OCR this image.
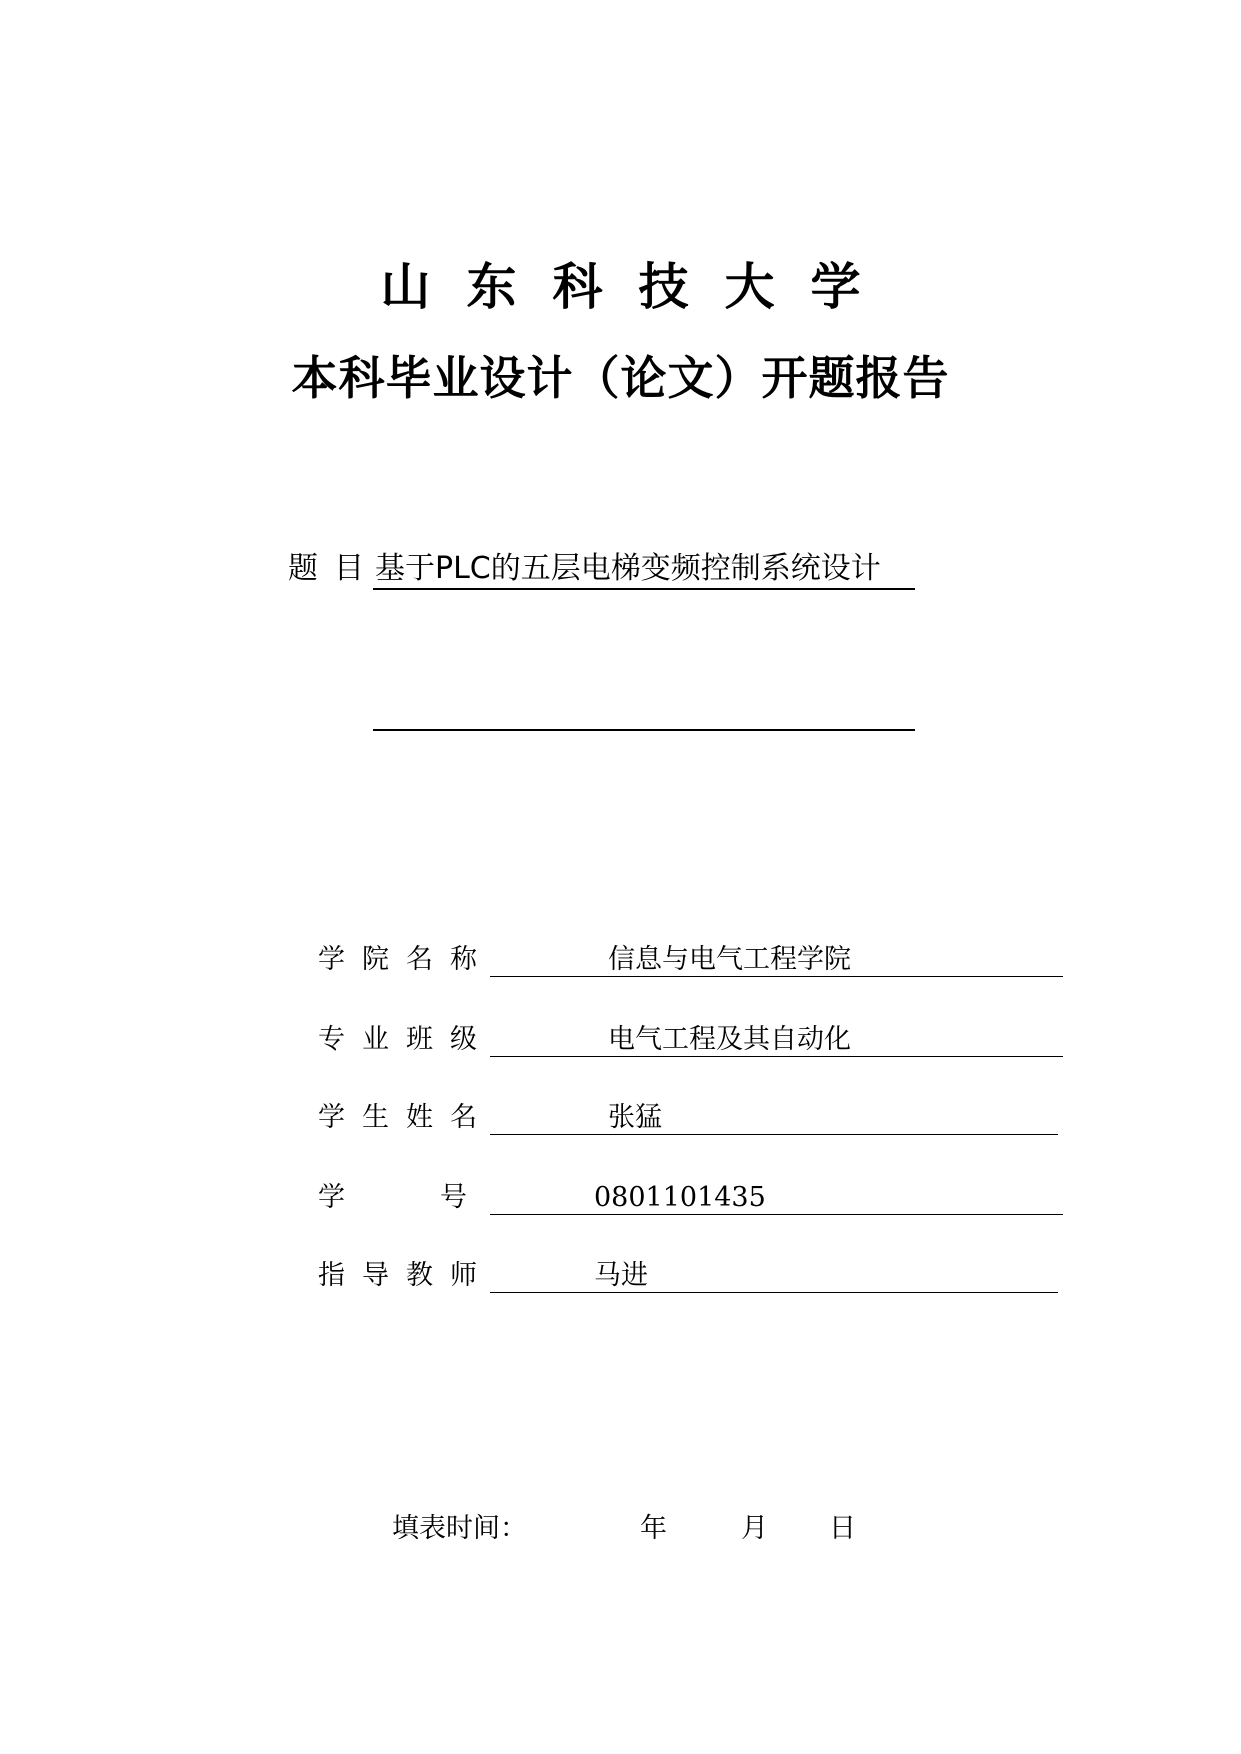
山东科技大学
本科毕业设计（论文）开题报告
题目
基于PLC的五层电梯变频控制系统设计
学院名称	信息与电气工程学院
专业班级	电气工程及其自动化
学生姓名	张猛
学号 0801101435
指导教师	马进
填表时间：	年	月 日
